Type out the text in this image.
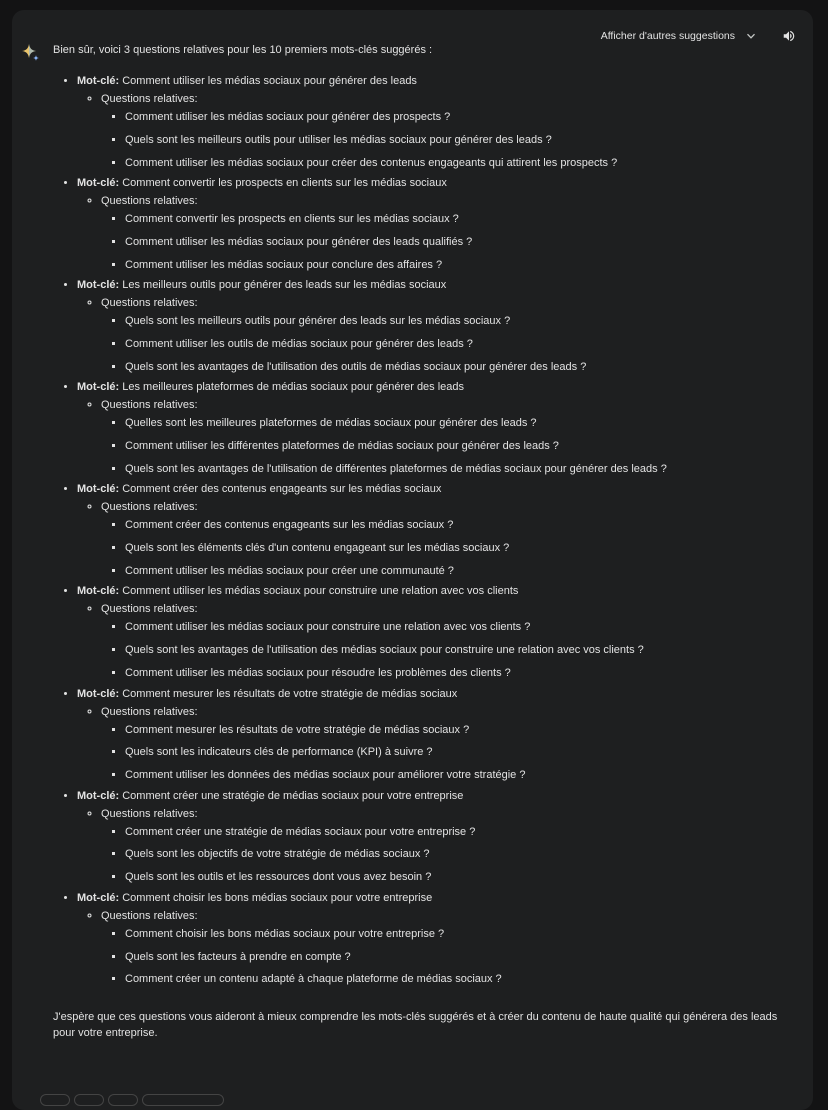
Afficher d'autres suggestions

Bien sûr, voici 3 questions relatives pour les 10 premiers mots-clés suggérés :

• Mot-clé: Comment utiliser les médias sociaux pour générer des leads
◦ Questions relatives:
▪ Comment utiliser les médias sociaux pour générer des prospects ?
▪ Quels sont les meilleurs outils pour utiliser les médias sociaux pour générer des leads ?
▪ Comment utiliser les médias sociaux pour créer des contenus engageants qui attirent les prospects ?
• Mot-clé: Comment convertir les prospects en clients sur les médias sociaux
◦ Questions relatives:
▪ Comment convertir les prospects en clients sur les médias sociaux ?
▪ Comment utiliser les médias sociaux pour générer des leads qualifiés ?
▪ Comment utiliser les médias sociaux pour conclure des affaires ?
• Mot-clé: Les meilleurs outils pour générer des leads sur les médias sociaux
◦ Questions relatives:
▪ Quels sont les meilleurs outils pour générer des leads sur les médias sociaux ?
▪ Comment utiliser les outils de médias sociaux pour générer des leads ?
▪ Quels sont les avantages de l'utilisation des outils de médias sociaux pour générer des leads ?
• Mot-clé: Les meilleures plateformes de médias sociaux pour générer des leads
◦ Questions relatives:
▪ Quelles sont les meilleures plateformes de médias sociaux pour générer des leads ?
▪ Comment utiliser les différentes plateformes de médias sociaux pour générer des leads ?
▪ Quels sont les avantages de l'utilisation de différentes plateformes de médias sociaux pour générer des leads ?
• Mot-clé: Comment créer des contenus engageants sur les médias sociaux
◦ Questions relatives:
▪ Comment créer des contenus engageants sur les médias sociaux ?
▪ Quels sont les éléments clés d'un contenu engageant sur les médias sociaux ?
▪ Comment utiliser les médias sociaux pour créer une communauté ?
• Mot-clé: Comment utiliser les médias sociaux pour construire une relation avec vos clients
◦ Questions relatives:
▪ Comment utiliser les médias sociaux pour construire une relation avec vos clients ?
▪ Quels sont les avantages de l'utilisation des médias sociaux pour construire une relation avec vos clients ?
▪ Comment utiliser les médias sociaux pour résoudre les problèmes des clients ?
• Mot-clé: Comment mesurer les résultats de votre stratégie de médias sociaux
◦ Questions relatives:
▪ Comment mesurer les résultats de votre stratégie de médias sociaux ?
▪ Quels sont les indicateurs clés de performance (KPI) à suivre ?
▪ Comment utiliser les données des médias sociaux pour améliorer votre stratégie ?
• Mot-clé: Comment créer une stratégie de médias sociaux pour votre entreprise
◦ Questions relatives:
▪ Comment créer une stratégie de médias sociaux pour votre entreprise ?
▪ Quels sont les objectifs de votre stratégie de médias sociaux ?
▪ Quels sont les outils et les ressources dont vous avez besoin ?
• Mot-clé: Comment choisir les bons médias sociaux pour votre entreprise
◦ Questions relatives:
▪ Comment choisir les bons médias sociaux pour votre entreprise ?
▪ Quels sont les facteurs à prendre en compte ?
▪ Comment créer un contenu adapté à chaque plateforme de médias sociaux ?

J'espère que ces questions vous aideront à mieux comprendre les mots-clés suggérés et à créer du contenu de haute qualité qui générera des leads pour votre entreprise.
